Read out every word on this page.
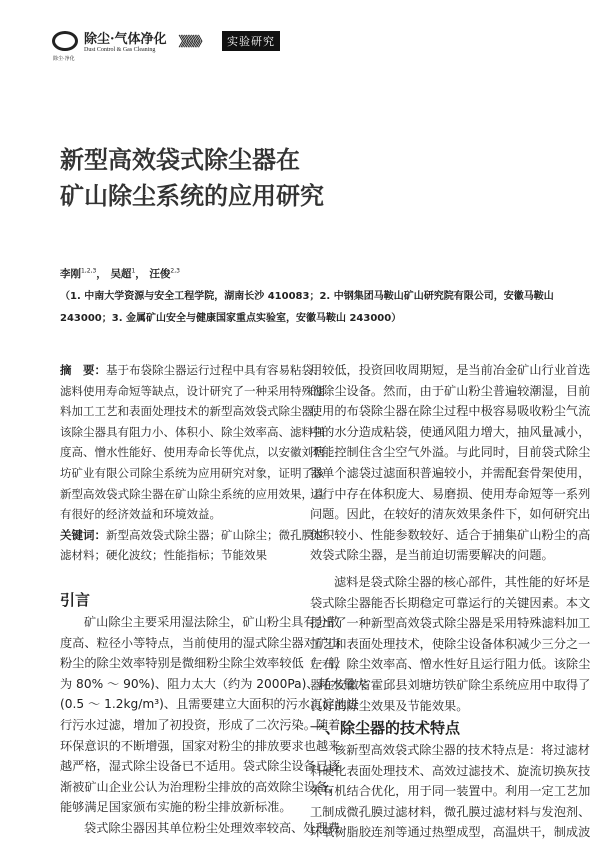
除尘·净化
除尘·气体净化
Dust Control & Gas Cleaning	》》》》》》	实验研究
新型高效袋式除尘器在
矿山除尘系统的应用研究
李刚$^{1,2,3}$， 吴超$^1$， 汪俊$^{2,3}$
（1. 中南大学资源与安全工程学院，湖南长沙 410083；2. 中钢集团马鞍山矿山研究院有限公司，安徽马鞍山
243000；3. 金属矿山安全与健康国家重点实验室，安徽马鞍山 243000）
摘　要：基于布袋除尘器运行过程中具有容易粘袋、
滤料使用寿命短等缺点，设计研究了一种采用特殊滤
料加工工艺和表面处理技术的新型高效袋式除尘器，
该除尘器具有阻力小、体积小、除尘效率高、滤料强
度高、憎水性能好、使用寿命长等优点，以安徽刘塘
坊矿业有限公司除尘系统为应用研究对象，证明了该
新型高效袋式除尘器在矿山除尘系统的应用效果，具
有很好的经济效益和环境效益。
关键词：新型高效袋式除尘器；矿山除尘；微孔膜过
滤材料；硬化波纹；性能指标；节能效果
引言
矿山除尘主要采用湿法除尘，矿山粉尘具有分散
度高、粒径小等特点，当前使用的湿式除尘器对矿山
粉尘的除尘效率特别是微细粉尘除尘效率较低（一般
为 80% ～ 90%)、阻力太大（约为 2000Pa)、耗水量大
(0.5 ～ 1.2kg/m³)、且需要建立大面积的污水沉淀池进
行污水过滤，增加了初投资，形成了二次污染。随着
环保意识的不断增强，国家对粉尘的排放要求也越来
越严格，湿式除尘设备已不适用。袋式除尘设备已逐
渐被矿山企业公认为治理粉尘排放的高效除尘设备，
能够满足国家颁布实施的粉尘排放新标准。
袋式除尘器因其单位粉尘处理效率较高、处理费
用较低，投资回收周期短，是当前冶金矿山行业首选
的除尘设备。然而，由于矿山粉尘普遍较潮湿，目前
使用的布袋除尘器在除尘过程中极容易吸收粉尘气流
中的水分造成粘袋，使通风阻力增大，抽风量减小，
不能控制住含尘空气外溢。与此同时，目前袋式除尘
器单个滤袋过滤面积普遍较小，并需配套骨架使用，
运行中存在体积庞大、易磨损、使用寿命短等一系列
问题。因此，在较好的清灰效果条件下，如何研究出
体积较小、性能参数较好、适合于捕集矿山粉尘的高
效袋式除尘器，是当前迫切需要解决的问题。
滤料是袋式除尘器的核心部件，其性能的好坏是
袋式除尘器能否长期稳定可靠运行的关键因素。本文
提出了一种新型高效袋式除尘器是采用特殊滤料加工
工艺和表面处理技术，使除尘设备体积减少三分之一
左右，除尘效率高、憎水性好且运行阻力低。该除尘
器在安徽省霍邱县刘塘坊铁矿除尘系统应用中取得了
良好的除尘效果及节能效果。
一、除尘器的技术特点
该新型高效袋式除尘器的技术特点是：将过滤材
料硬化表面处理技术、高效过滤技术、旋流切换灰技
术有机结合优化，用于同一装置中。利用一定工艺加
工制成微孔膜过滤材料，微孔膜过滤材料与发泡剂、
环氧树脂胶连剂等通过热塑成型，高温烘干，制成波
